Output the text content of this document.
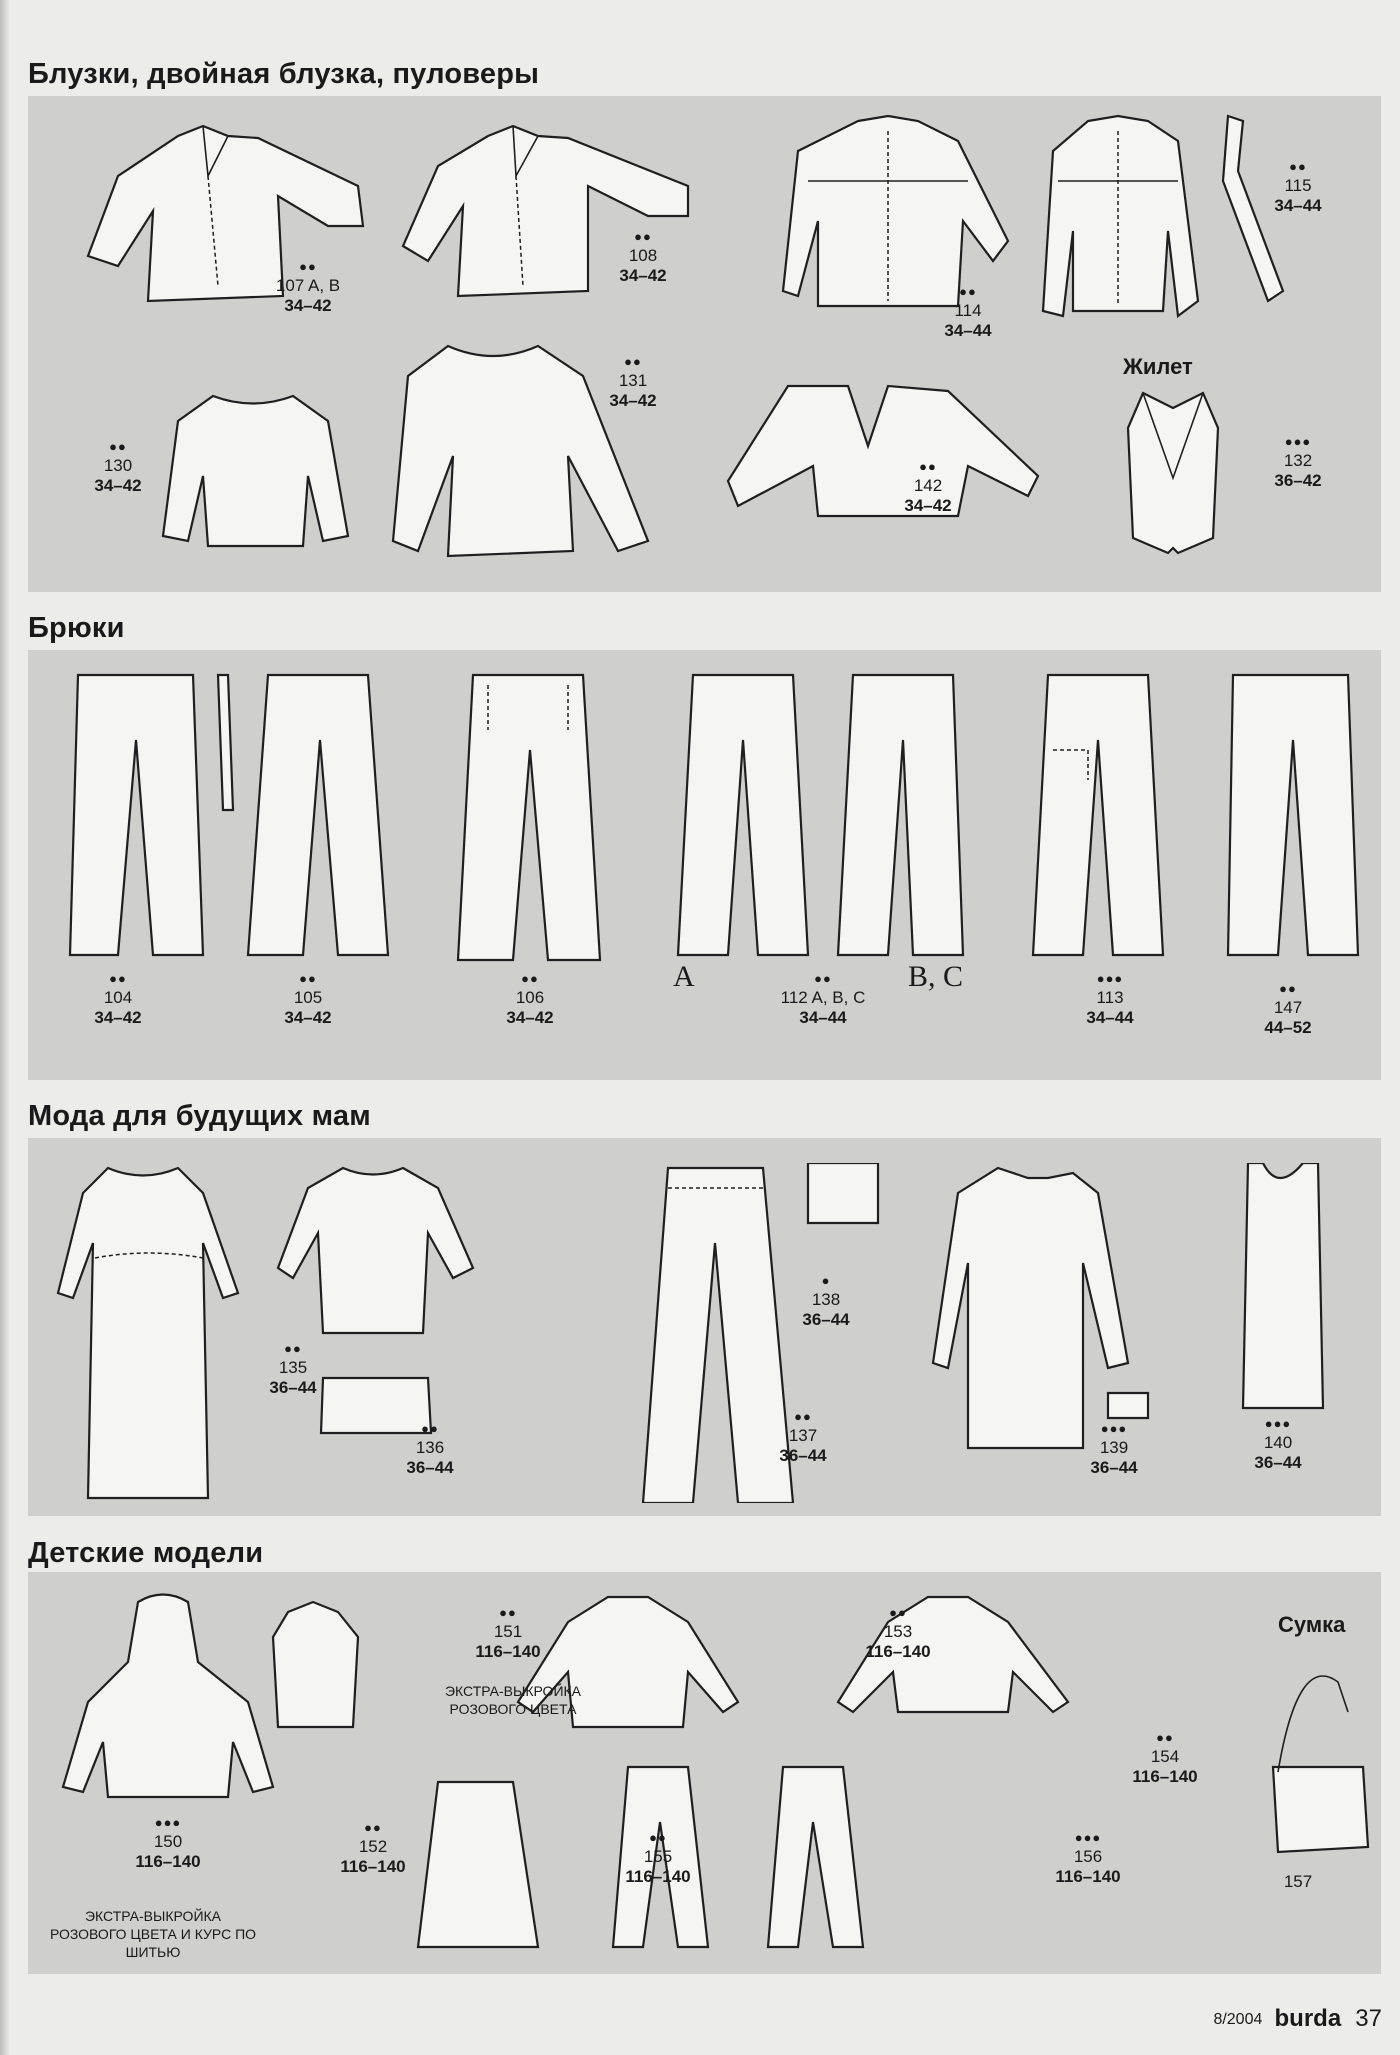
Блузки, двойная блузка, пуловеры
●●
107 A, B
34–42
●●
108
34–42
●●
114
34–44
●●
115
34–44
●●
130
34–42
●●
131
34–42
●●
142
34–42
Жилет
●●●
132
36–42
Брюки
A	B, C
●●
104
34–42
●●
105
34–42
●●
106
34–42
●●
112 A, B, C
34–44
●●●
113
34–44
●●
147
44–52
Мода для будущих мам
●●
135
36–44
●●
136
36–44
●
138
36–44
●●
137
36–44
●●●
139
36–44
●●●
140
36–44
Детские модели
Сумка
●●●
150
116–140
ЭКСТРА-ВЫКРОЙКА РОЗОВОГО ЦВЕТА И КУРС ПО ШИТЬЮ
●●
151
116–140
ЭКСТРА-ВЫКРОЙКА РОЗОВОГО ЦВЕТА
●●
152
116–140
●●
153
116–140
●●
154
116–140
●●
155
116–140
●●●
156
116–140	157
8/2004 burda 37
